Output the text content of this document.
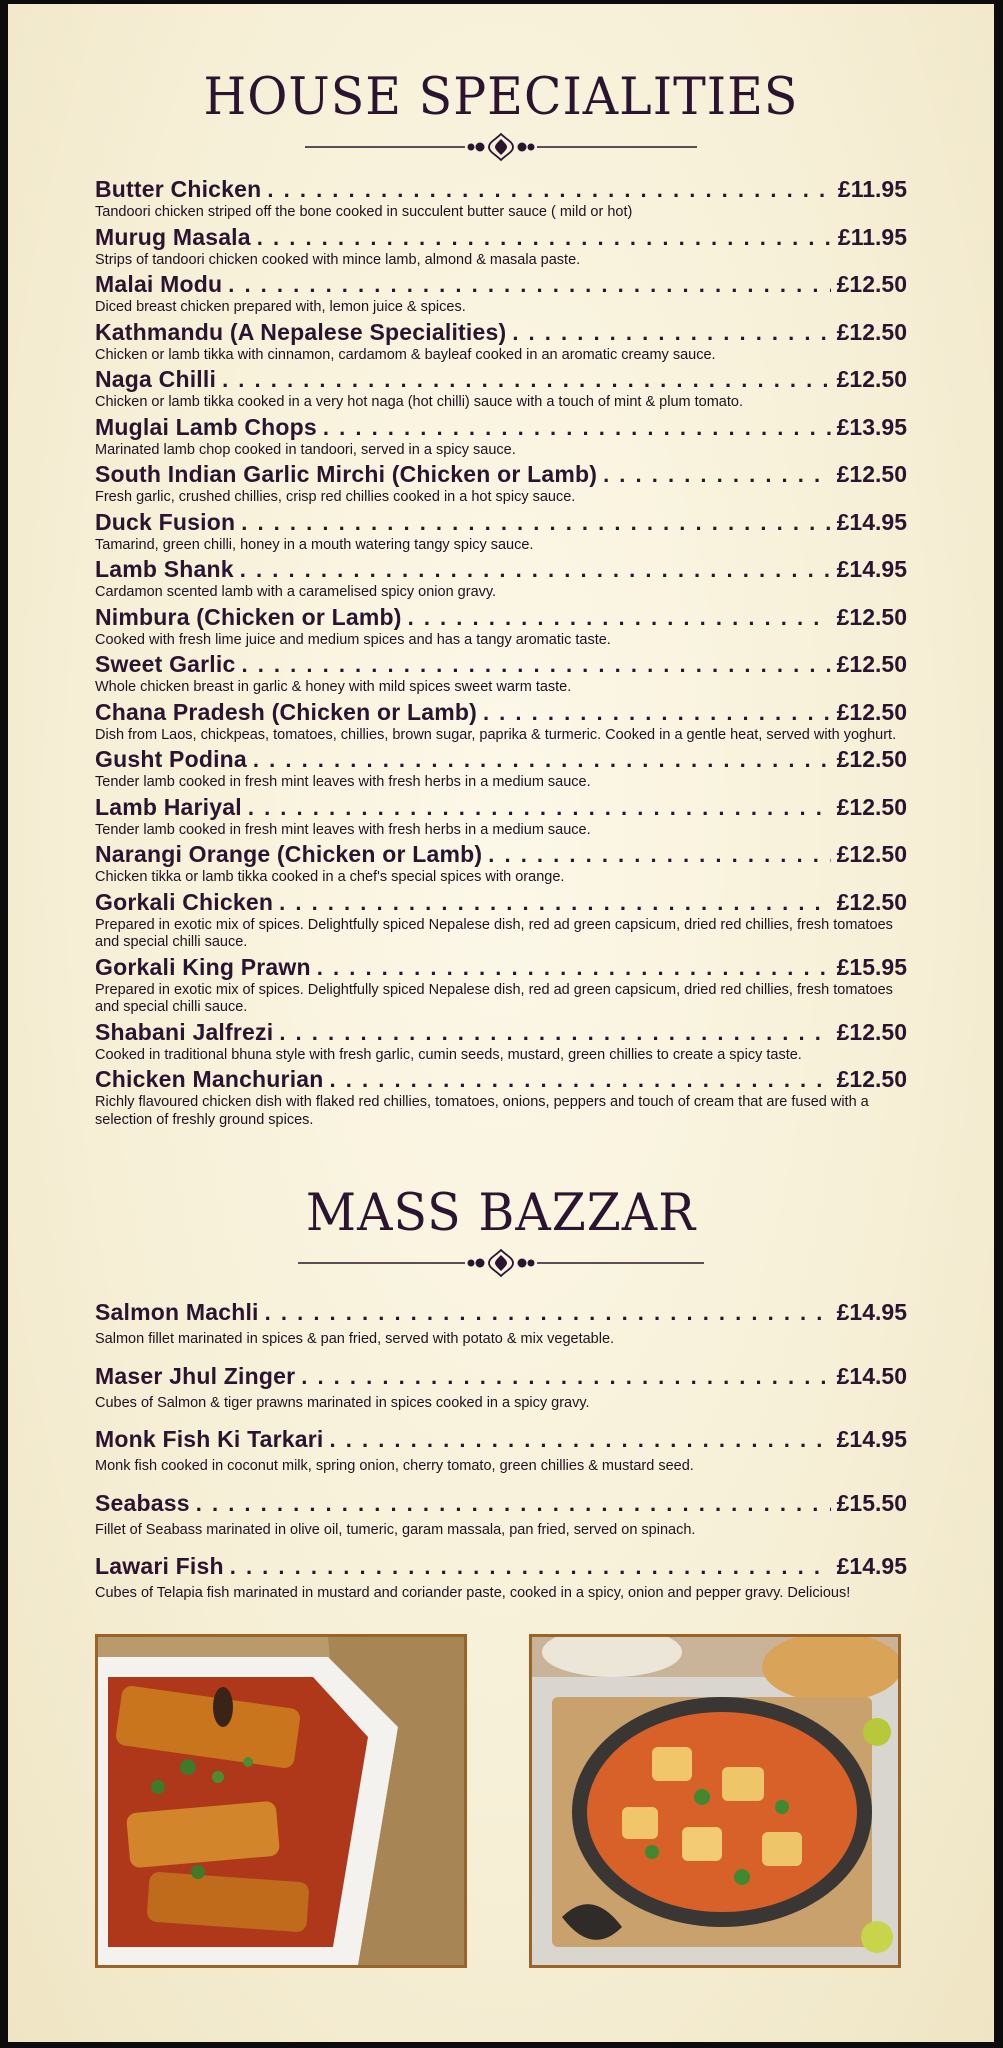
HOUSE SPECIALITIES
Butter Chicken . . .	£11.95
Tandoori chicken striped off the bone cooked in succulent butter sauce ( mild or hot)
Murug Masala . . .	£11.95
Strips of tandoori chicken cooked with mince lamb, almond & masala paste.
Malai Modu . . .	£12.50
Diced breast chicken prepared with, lemon juice & spices.
Kathmandu (A Nepalese Specialities) . . .	£12.50
Chicken or lamb tikka with cinnamon, cardamom & bayleaf cooked in an aromatic creamy sauce.
Naga Chilli . . .	£12.50
Chicken or lamb tikka cooked in a very hot naga (hot chilli) sauce with a touch of mint & plum tomato.
Muglai Lamb Chops . . .	£13.95
Marinated lamb chop cooked in tandoori, served in a spicy sauce.
South Indian Garlic Mirchi (Chicken or Lamb) . . .	£12.50
Fresh garlic, crushed chillies, crisp red chillies cooked in a hot spicy sauce.
Duck Fusion . . .	£14.95
Tamarind, green chilli, honey in a mouth watering tangy spicy sauce.
Lamb Shank . . .	£14.95
Cardamon scented lamb with a caramelised spicy onion gravy.
Nimbura (Chicken or Lamb) . . .	£12.50
Cooked with fresh lime juice and medium spices and has a tangy aromatic taste.
Sweet Garlic . . .	£12.50
Whole chicken breast in garlic & honey with mild spices sweet warm taste.
Chana Pradesh (Chicken or Lamb) . . .	£12.50
Dish from Laos, chickpeas, tomatoes, chillies, brown sugar, paprika & turmeric. Cooked in a gentle heat, served with yoghurt.
Gusht Podina . . .	£12.50
Tender lamb cooked in fresh mint leaves with fresh herbs in a medium sauce.
Lamb Hariyal . . .	£12.50
Tender lamb cooked in fresh mint leaves with fresh herbs in a medium sauce.
Narangi Orange (Chicken or Lamb) . . .	£12.50
Chicken tikka or lamb tikka cooked in a chef's special spices with orange.
Gorkali Chicken . . .	£12.50
Prepared in exotic mix of spices. Delightfully spiced Nepalese dish, red ad green capsicum, dried red chillies, fresh tomatoes and special chilli sauce.
Gorkali King Prawn . . .	£15.95
Prepared in exotic mix of spices. Delightfully spiced Nepalese dish, red ad green capsicum, dried red chillies, fresh tomatoes and special chilli sauce.
Shabani Jalfrezi . . .	£12.50
Cooked in traditional bhuna style with fresh garlic, cumin seeds, mustard, green chillies to create a spicy taste.
Chicken Manchurian . . .	£12.50
Richly flavoured chicken dish with flaked red chillies, tomatoes, onions, peppers and touch of cream that are fused with a selection of freshly ground spices.
MASS BAZZAR
Salmon Machli . . .	£14.95
Salmon fillet marinated in spices & pan fried, served with potato & mix vegetable.
Maser Jhul Zinger . . .	£14.50
Cubes of Salmon & tiger prawns marinated in spices cooked in a spicy gravy.
Monk Fish Ki Tarkari . . .	£14.95
Monk fish cooked in coconut milk, spring onion, cherry tomato, green chillies & mustard seed.
Seabass . . .	£15.50
Fillet of Seabass marinated in olive oil, tumeric, garam massala, pan fried, served on spinach.
Lawari Fish . . .	£14.95
Cubes of Telapia fish marinated in mustard and coriander paste, cooked in a spicy, onion and pepper gravy. Delicious!
